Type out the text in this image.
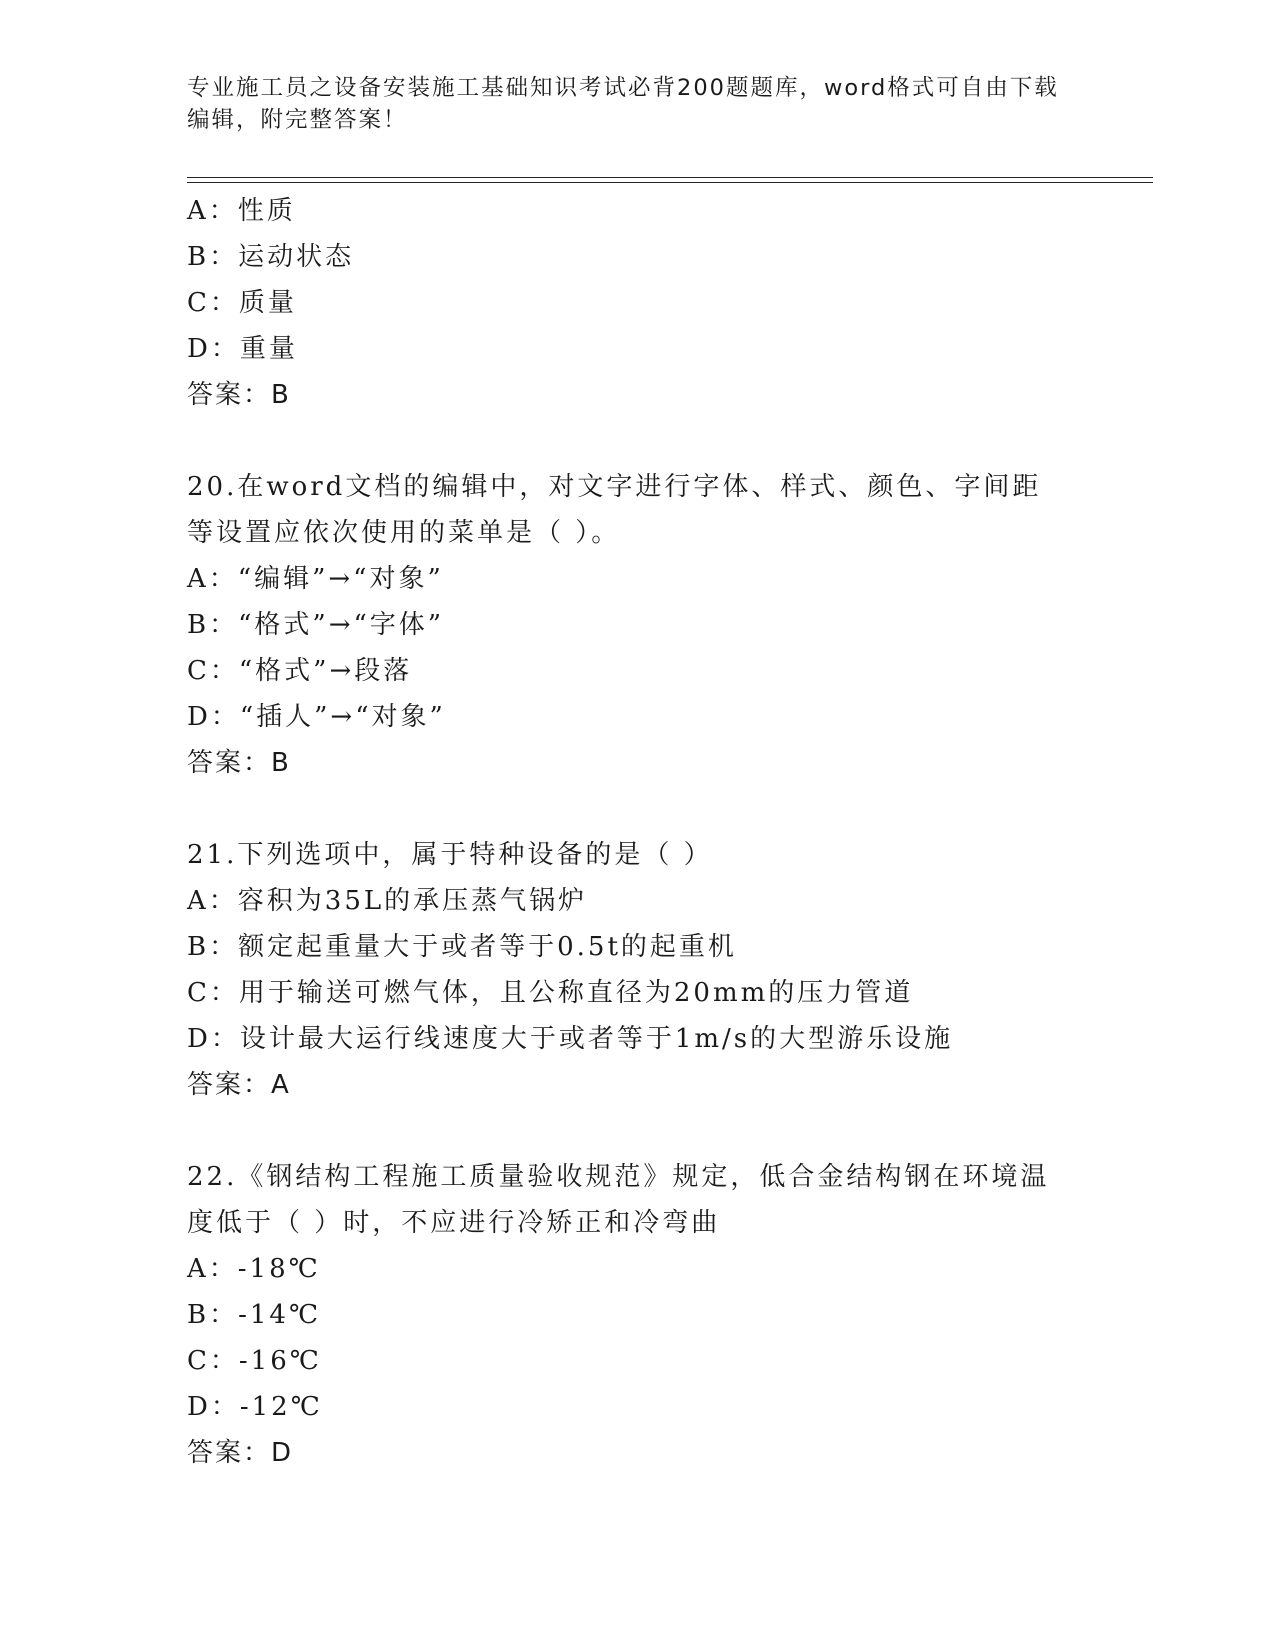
专业施工员之设备安装施工基础知识考试必背200题题库，word格式可自由下载编辑，附完整答案！
A：性质
B：运动状态
C：质量
D：重量
答案：B
20.在word文档的编辑中，对文字进行字体、样式、颜色、字间距等设置应依次使用的菜单是（ ）。
A：“编辑”→“对象”
B：“格式”→“字体”
C：“格式”→段落
D：“插人”→“对象”
答案：B
21.下列选项中，属于特种设备的是（ ）
A：容积为35L的承压蒸气锅炉
B：额定起重量大于或者等于0.5t的起重机
C：用于输送可燃气体，且公称直径为20mm的压力管道
D：设计最大运行线速度大于或者等于1m/s的大型游乐设施
答案：A
22.《钢结构工程施工质量验收规范》规定，低合金结构钢在环境温度低于（ ）时，不应进行冷矫正和冷弯曲
A：-18℃
B：-14℃
C：-16℃
D：-12℃
答案：D
